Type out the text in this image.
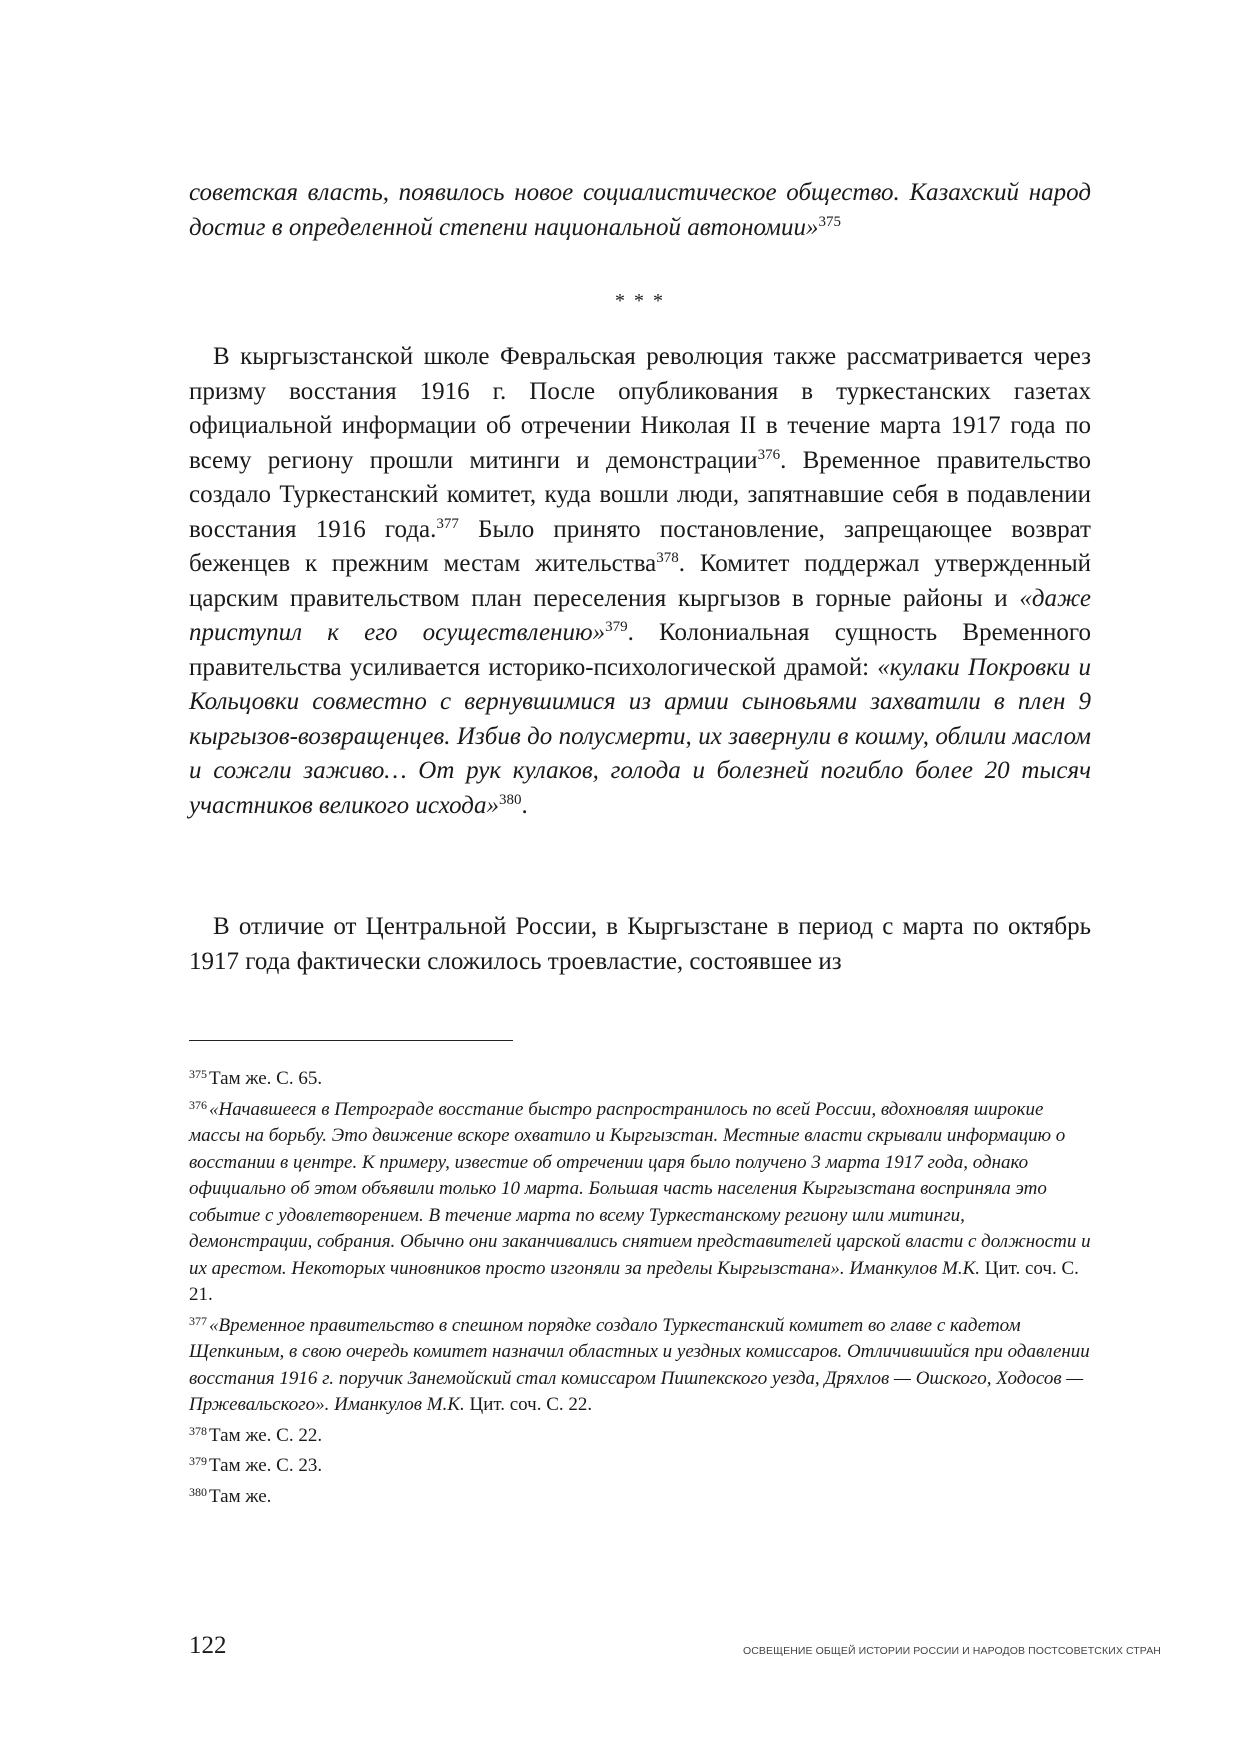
советская власть, появилось новое социалистическое общество. Казахский народ достиг в определенной степени национальной автономии»$^{375}$

* * *

В кыргызстанской школе Февральская революция также рассматривается через призму восстания 1916 г. После опубликования в туркестанских газетах официальной информации об отречении Николая II в течение марта 1917 года по всему региону прошли митинги и демонстрации$^{376}$. Временное правительство создало Туркестанский комитет, куда вошли люди, запятнавшие себя в подавлении восстания 1916 года.$^{377}$ Было принято постановление, запрещающее возврат беженцев к прежним местам жительства$^{378}$. Комитет поддержал утвержденный царским правительством план переселения кыргызов в горные районы и «даже приступил к его осуществлению»$^{379}$. Колониальная сущность Временного правительства усиливается историко-психологической драмой: «кулаки Покровки и Кольцовки совместно с вернувшимися из армии сыновьями захватили в плен 9 кыргызов-возвращенцев. Избив до полусмерти, их завернули в кошму, облили маслом и сожгли заживо… От рук кулаков, голода и болезней погибло более 20 тысяч участников великого исхода»$^{380}$.

В отличие от Центральной России, в Кыргызстане в период с марта по октябрь 1917 года фактически сложилось троевластие, состоявшее из

$^{375}$ Там же. С. 65.

$^{376}$ «Начавшееся в Петрограде восстание быстро распространилось по всей России, вдохновляя широкие массы на борьбу. Это движение вскоре охватило и Кыргызстан. Местные власти скрывали информацию о восстании в центре. К примеру, известие об отречении царя было получено 3 марта 1917 года, однако официально об этом объявили только 10 марта. Большая часть населения Кыргызстана восприняла это событие с удовлетворением. В течение марта по всему Туркестанскому региону шли митинги, демонстрации, собрания. Обычно они заканчивались снятием представителей царской власти с должности и их арестом. Некоторых чиновников просто изгоняли за пределы Кыргызстана». Иманкулов М.К. Цит. соч. С. 21.

$^{377}$ «Временное правительство в спешном порядке создало Туркестанский комитет во главе с кадетом Щепкиным, в свою очередь комитет назначил областных и уездных комиссаров. Отличившийся при одавлении восстания 1916 г. поручик Занемойский стал комиссаром Пишпекского уезда, Дряхлов — Ошского, Ходосов — Пржевальского». Иманкулов М.К. Цит. соч. С. 22.

$^{378}$ Там же. С. 22.

$^{379}$ Там же. С. 23.

$^{380}$ Там же.

122	ОСВЕЩЕНИЕ ОБЩЕЙ ИСТОРИИ РОССИИ И НАРОДОВ ПОСТСОВЕТСКИХ СТРАН
